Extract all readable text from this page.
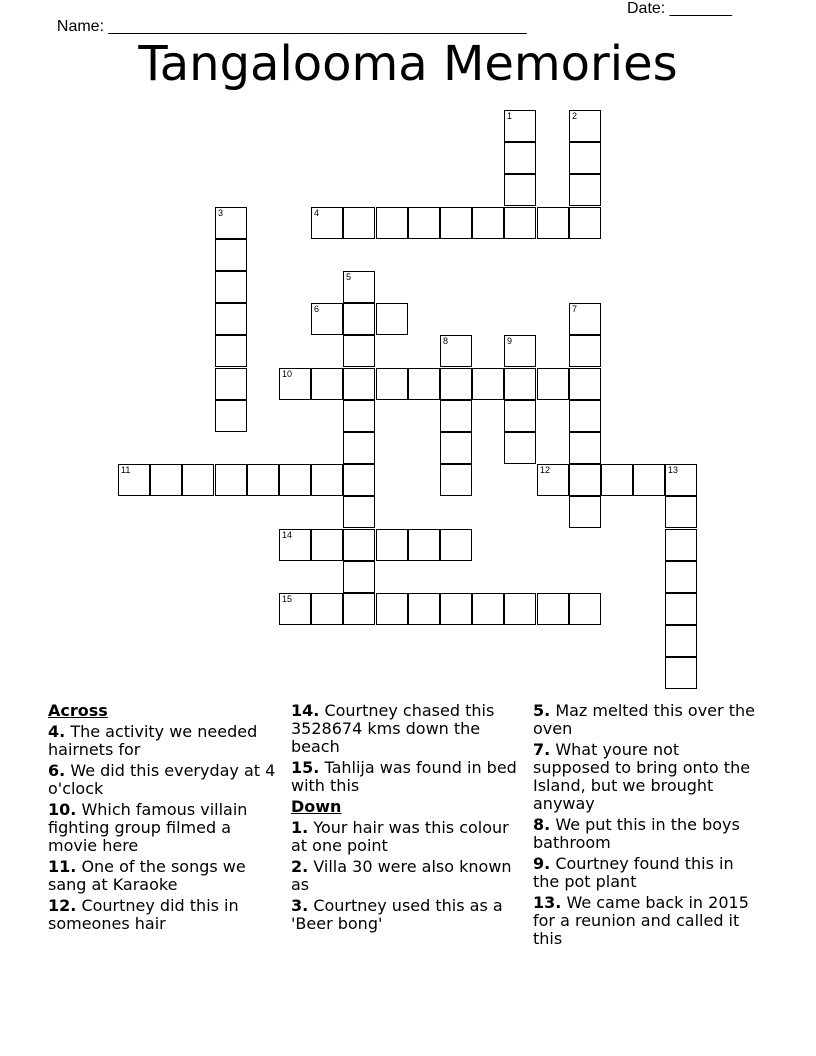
Name: _______________________________________________

Date: _______

Tangalooma Memories
1	2
3	4
5
6	7
8	9
10
11	12	13
14
15
Across
4. The activity we needed hairnets for
6. We did this everyday at 4 o'clock
10. Which famous villain fighting group filmed a movie here
11. One of the songs we sang at Karaoke
12. Courtney did this in someones hair
14. Courtney chased this 3528674 kms down the beach
15. Tahlija was found in bed with this
Down
1. Your hair was this colour at one point
2. Villa 30 were also known as
3. Courtney used this as a 'Beer bong'
5. Maz melted this over the oven
7. What youre not supposed to bring onto the Island, but we brought anyway
8. We put this in the boys bathroom
9. Courtney found this in the pot plant
13. We came back in 2015 for a reunion and called it this
